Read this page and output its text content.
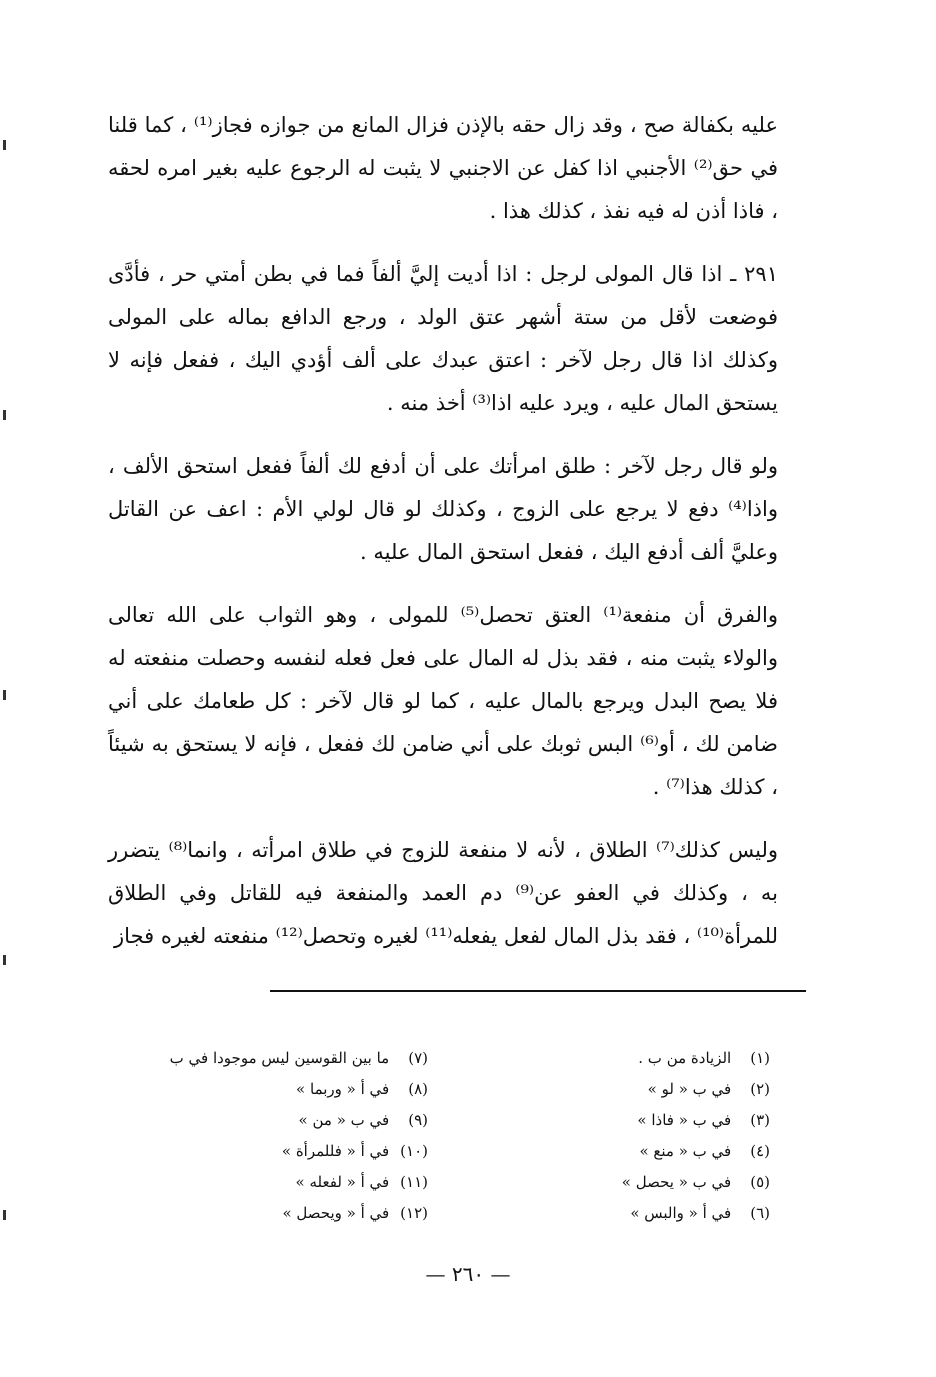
عليه بكفالة صح ، وقد زال حقه بالإذن فزال المانع من جوازه فجاز⁽¹⁾ ، كما قلنا في حق⁽²⁾ الأجنبي اذا كفل عن الاجنبي لا يثبت له الرجوع عليه بغير امره لحقه ، فاذا أذن له فيه نفذ ، كذلك هذا .

٢٩١ ـ اذا قال المولى لرجل : اذا أديت إليَّ ألفاً فما في بطن أمتي حر ، فأدَّى فوضعت لأقل من ستة أشهر عتق الولد ، ورجع الدافع بماله على المولى وكذلك اذا قال رجل لآخر : اعتق عبدك على ألف أؤدي اليك ، ففعل فإنه لا يستحق المال عليه ، ويرد عليه اذا⁽³⁾ أخذ منه .

ولو قال رجل لآخر : طلق امرأتك على أن أدفع لك ألفاً ففعل استحق الألف ، واذا⁽⁴⁾ دفع لا يرجع على الزوج ، وكذلك لو قال لولي الأم : اعف عن القاتل وعليَّ ألف أدفع اليك ، ففعل استحق المال عليه .

والفرق أن منفعة⁽¹⁾ العتق تحصل⁽⁵⁾ للمولى ، وهو الثواب على الله تعالى والولاء يثبت منه ، فقد بذل له المال على فعل فعله لنفسه وحصلت منفعته له فلا يصح البدل ويرجع بالمال عليه ، كما لو قال لآخر : كل طعامك على أني ضامن لك ، أو⁽⁶⁾ البس ثوبك على أني ضامن لك ففعل ، فإنه لا يستحق به شيئاً ، كذلك هذا⁽⁷⁾ .

وليس كذلك⁽⁷⁾ الطلاق ، لأنه لا منفعة للزوج في طلاق امرأته ، وانما⁽⁸⁾ يتضرر به ، وكذلك في العفو عن⁽⁹⁾ دم العمد والمنفعة فيه للقاتل وفي الطلاق للمرأة⁽¹⁰⁾ ، فقد بذل المال لفعل يفعله⁽¹¹⁾ لغيره وتحصل⁽¹²⁾ منفعته لغيره فجاز

(١) الزيادة من ب .
(٢) في ب « لو »
(٣) في ب « فاذا »
(٤) في ب « منع »
(٥) في ب « يحصل »
(٦) في أ « والبس »
(٧) ما بين القوسين ليس موجودا في ب
(٨) في أ « وربما »
(٩) في ب « من »
(١٠) في أ « فللمرأة »
(١١) في أ « لفعله »
(١٢) في أ « ويحصل »
— ٢٦٠ —
